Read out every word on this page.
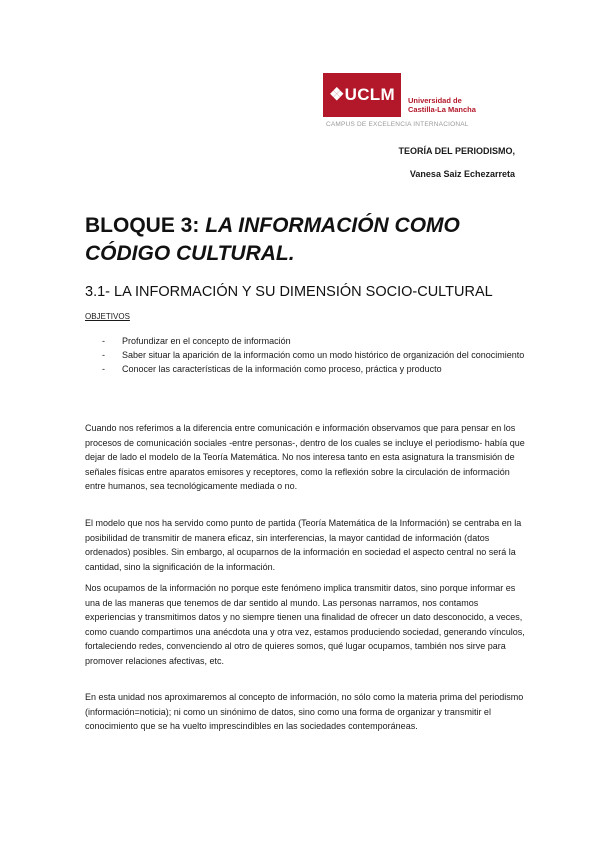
❖UCLM Universidad de
Castilla-La Mancha
CAMPUS DE EXCELENCIA INTERNACIONAL
TEORÍA DEL PERIODISMO,
Vanesa Saiz Echezarreta
BLOQUE 3: LA INFORMACIÓN COMO CÓDIGO CULTURAL.
3.1- LA INFORMACIÓN Y SU DIMENSIÓN SOCIO-CULTURAL
OBJETIVOS
- Profundizar en el concepto de información
- Saber situar la aparición de la información como un modo histórico de organización del conocimiento
- Conocer las características de la información como proceso, práctica y producto

Cuando nos referimos a la diferencia entre comunicación e información observamos que para pensar en los procesos de comunicación sociales -entre personas-, dentro de los cuales se incluye el periodismo- había que dejar de lado el modelo de la Teoría Matemática. No nos interesa tanto en esta asignatura la transmisión de señales físicas entre aparatos emisores y receptores, como la reflexión sobre la circulación de información entre humanos, sea tecnológicamente mediada o no.

El modelo que nos ha servido como punto de partida (Teoría Matemática de la Información) se centraba en la posibilidad de transmitir de manera eficaz, sin interferencias, la mayor cantidad de información (datos ordenados) posibles. Sin embargo, al ocuparnos de la información en sociedad el aspecto central no será la cantidad, sino la significación de la información.

Nos ocupamos de la información no porque este fenómeno implica transmitir datos, sino porque informar es una de las maneras que tenemos de dar sentido al mundo. Las personas narramos, nos contamos experiencias y transmitimos datos y no siempre tienen una finalidad de ofrecer un dato desconocido, a veces, como cuando compartimos una anécdota una y otra vez, estamos produciendo sociedad, generando vínculos, fortaleciendo redes, convenciendo al otro de quieres somos, qué lugar ocupamos, también nos sirve para promover relaciones afectivas, etc.

En esta unidad nos aproximaremos al concepto de información, no sólo como la materia prima del periodismo (información=noticia); ni como un sinónimo de datos, sino como una forma de organizar y transmitir el conocimiento que se ha vuelto imprescindibles en las sociedades contemporáneas.
